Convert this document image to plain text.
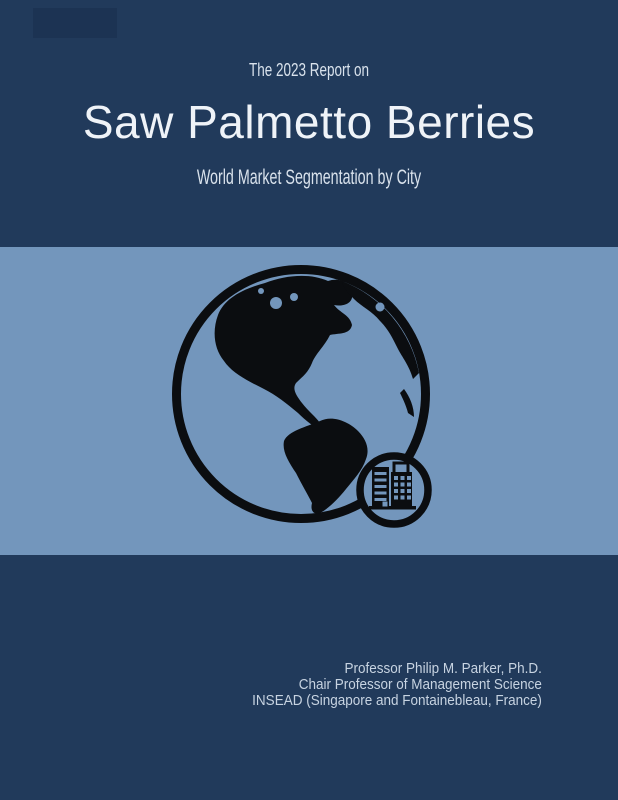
The 2023 Report on
Saw Palmetto Berries
World Market Segmentation by City
Professor Philip M. Parker, Ph.D.
Chair Professor of Management Science
INSEAD (Singapore and Fontainebleau, France)
